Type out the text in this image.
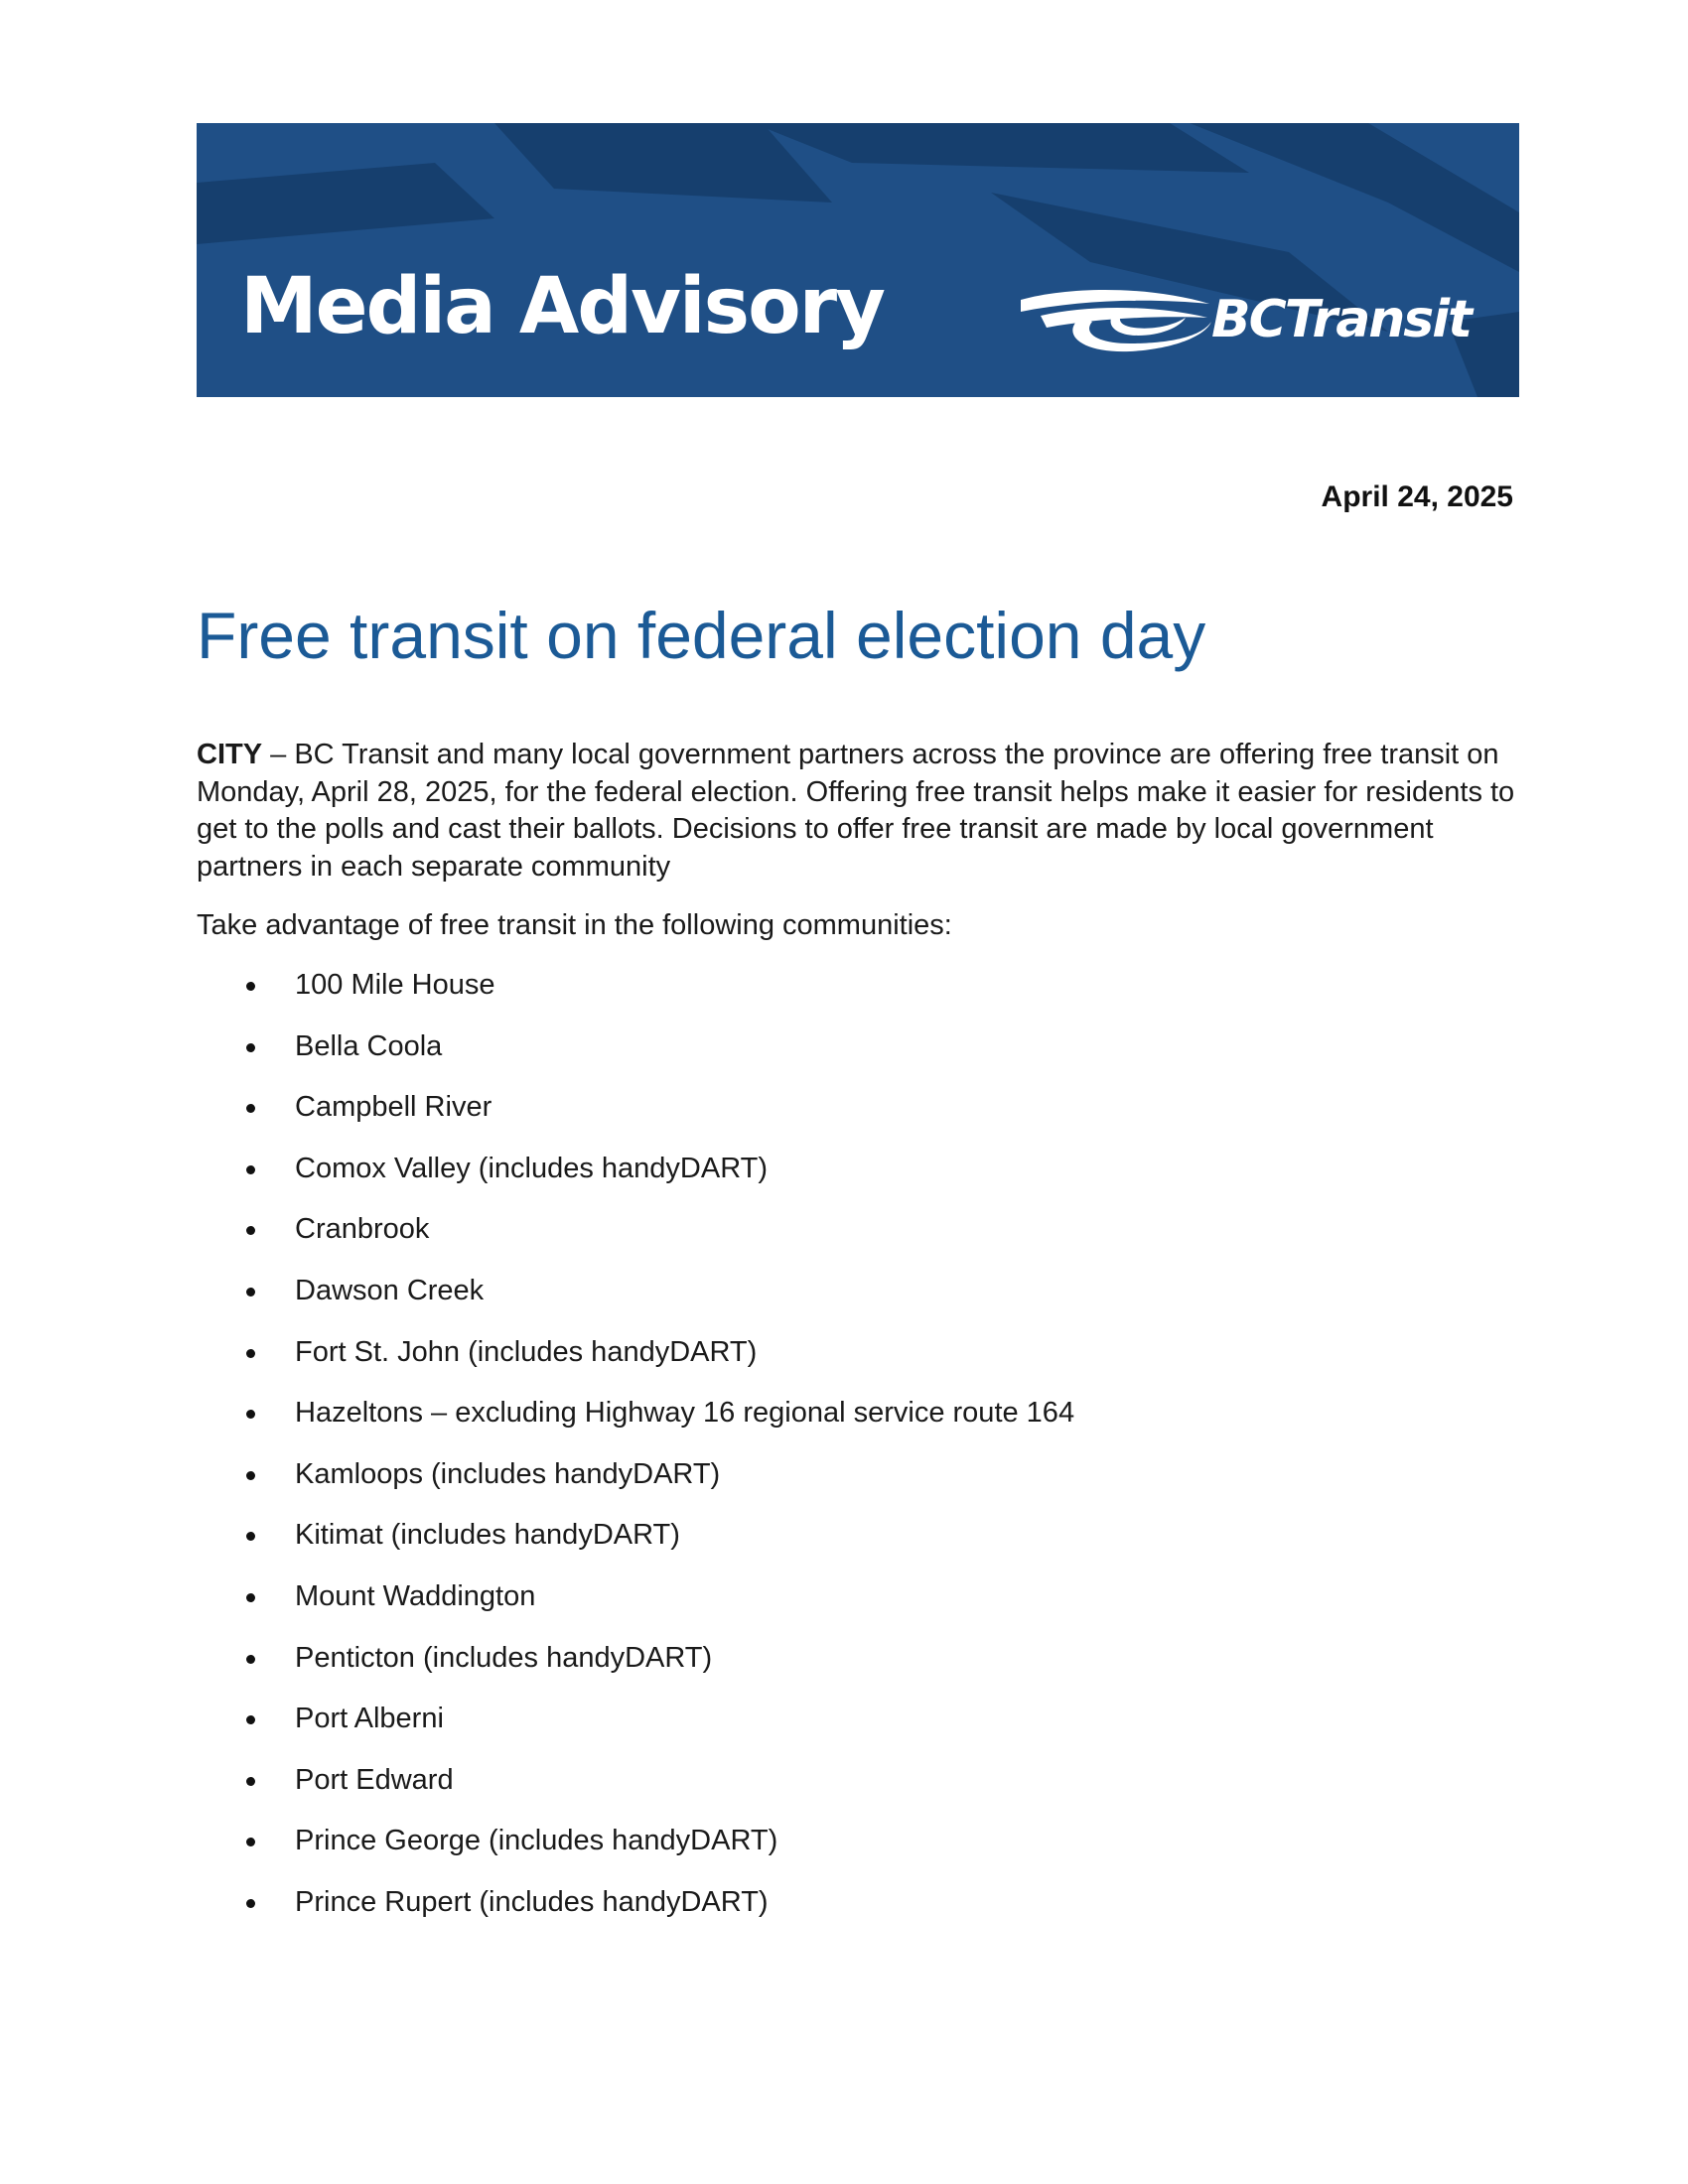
Media Advisory	BCTransit
April 24, 2025
Free transit on federal election day

CITY – BC Transit and many local government partners across the province are offering free transit on Monday, April 28, 2025, for the federal election. Offering free transit helps make it easier for residents to get to the polls and cast their ballots. Decisions to offer free transit are made by local government partners in each separate community

Take advantage of free transit in the following communities:

100 Mile House
Bella Coola
Campbell River
Comox Valley (includes handyDART)
Cranbrook
Dawson Creek
Fort St. John (includes handyDART)
Hazeltons – excluding Highway 16 regional service route 164
Kamloops (includes handyDART)
Kitimat (includes handyDART)
Mount Waddington
Penticton (includes handyDART)
Port Alberni
Port Edward
Prince George (includes handyDART)
Prince Rupert (includes handyDART)
